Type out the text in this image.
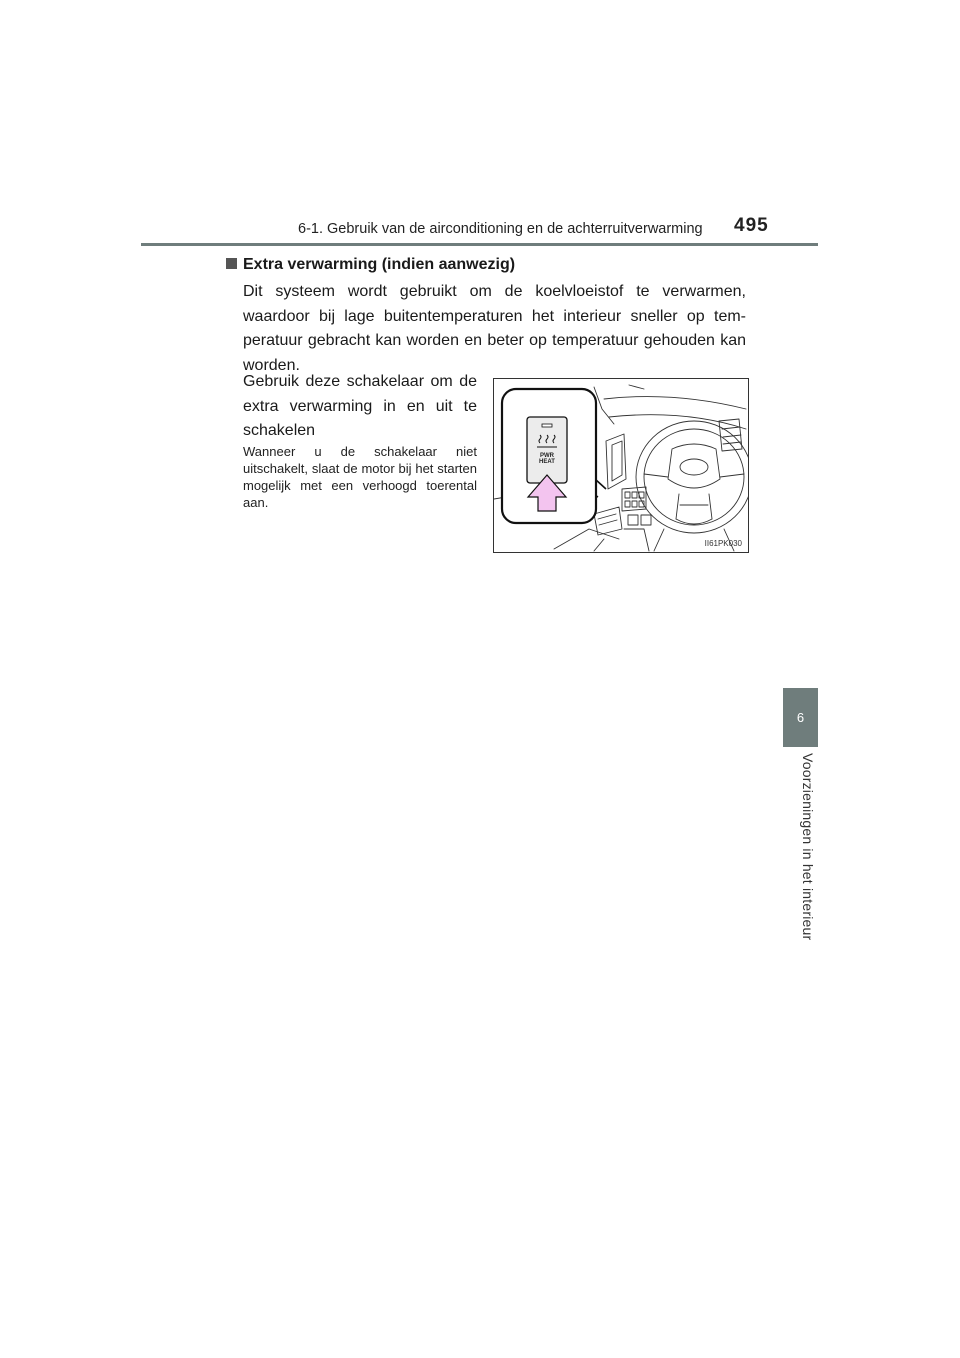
6-1. Gebruik van de airconditioning en de achterruitverwarming 495
6
Voorzieningen in het interieur
Extra verwarming (indien aanwezig)

Dit systeem wordt gebruikt om de koelvloeistof te verwarmen, waardoor bij lage buitentemperaturen het interieur sneller op tem-peratuur gebracht kan worden en beter op temperatuur gehouden kan worden.

Gebruik deze schakelaar om de extra verwarming in en uit te schakelen

Wanneer u de schakelaar niet uitschakelt, slaat de motor bij het starten mogelijk met een verhoogd toerental aan.

PWR
HEAT
II61PK030
